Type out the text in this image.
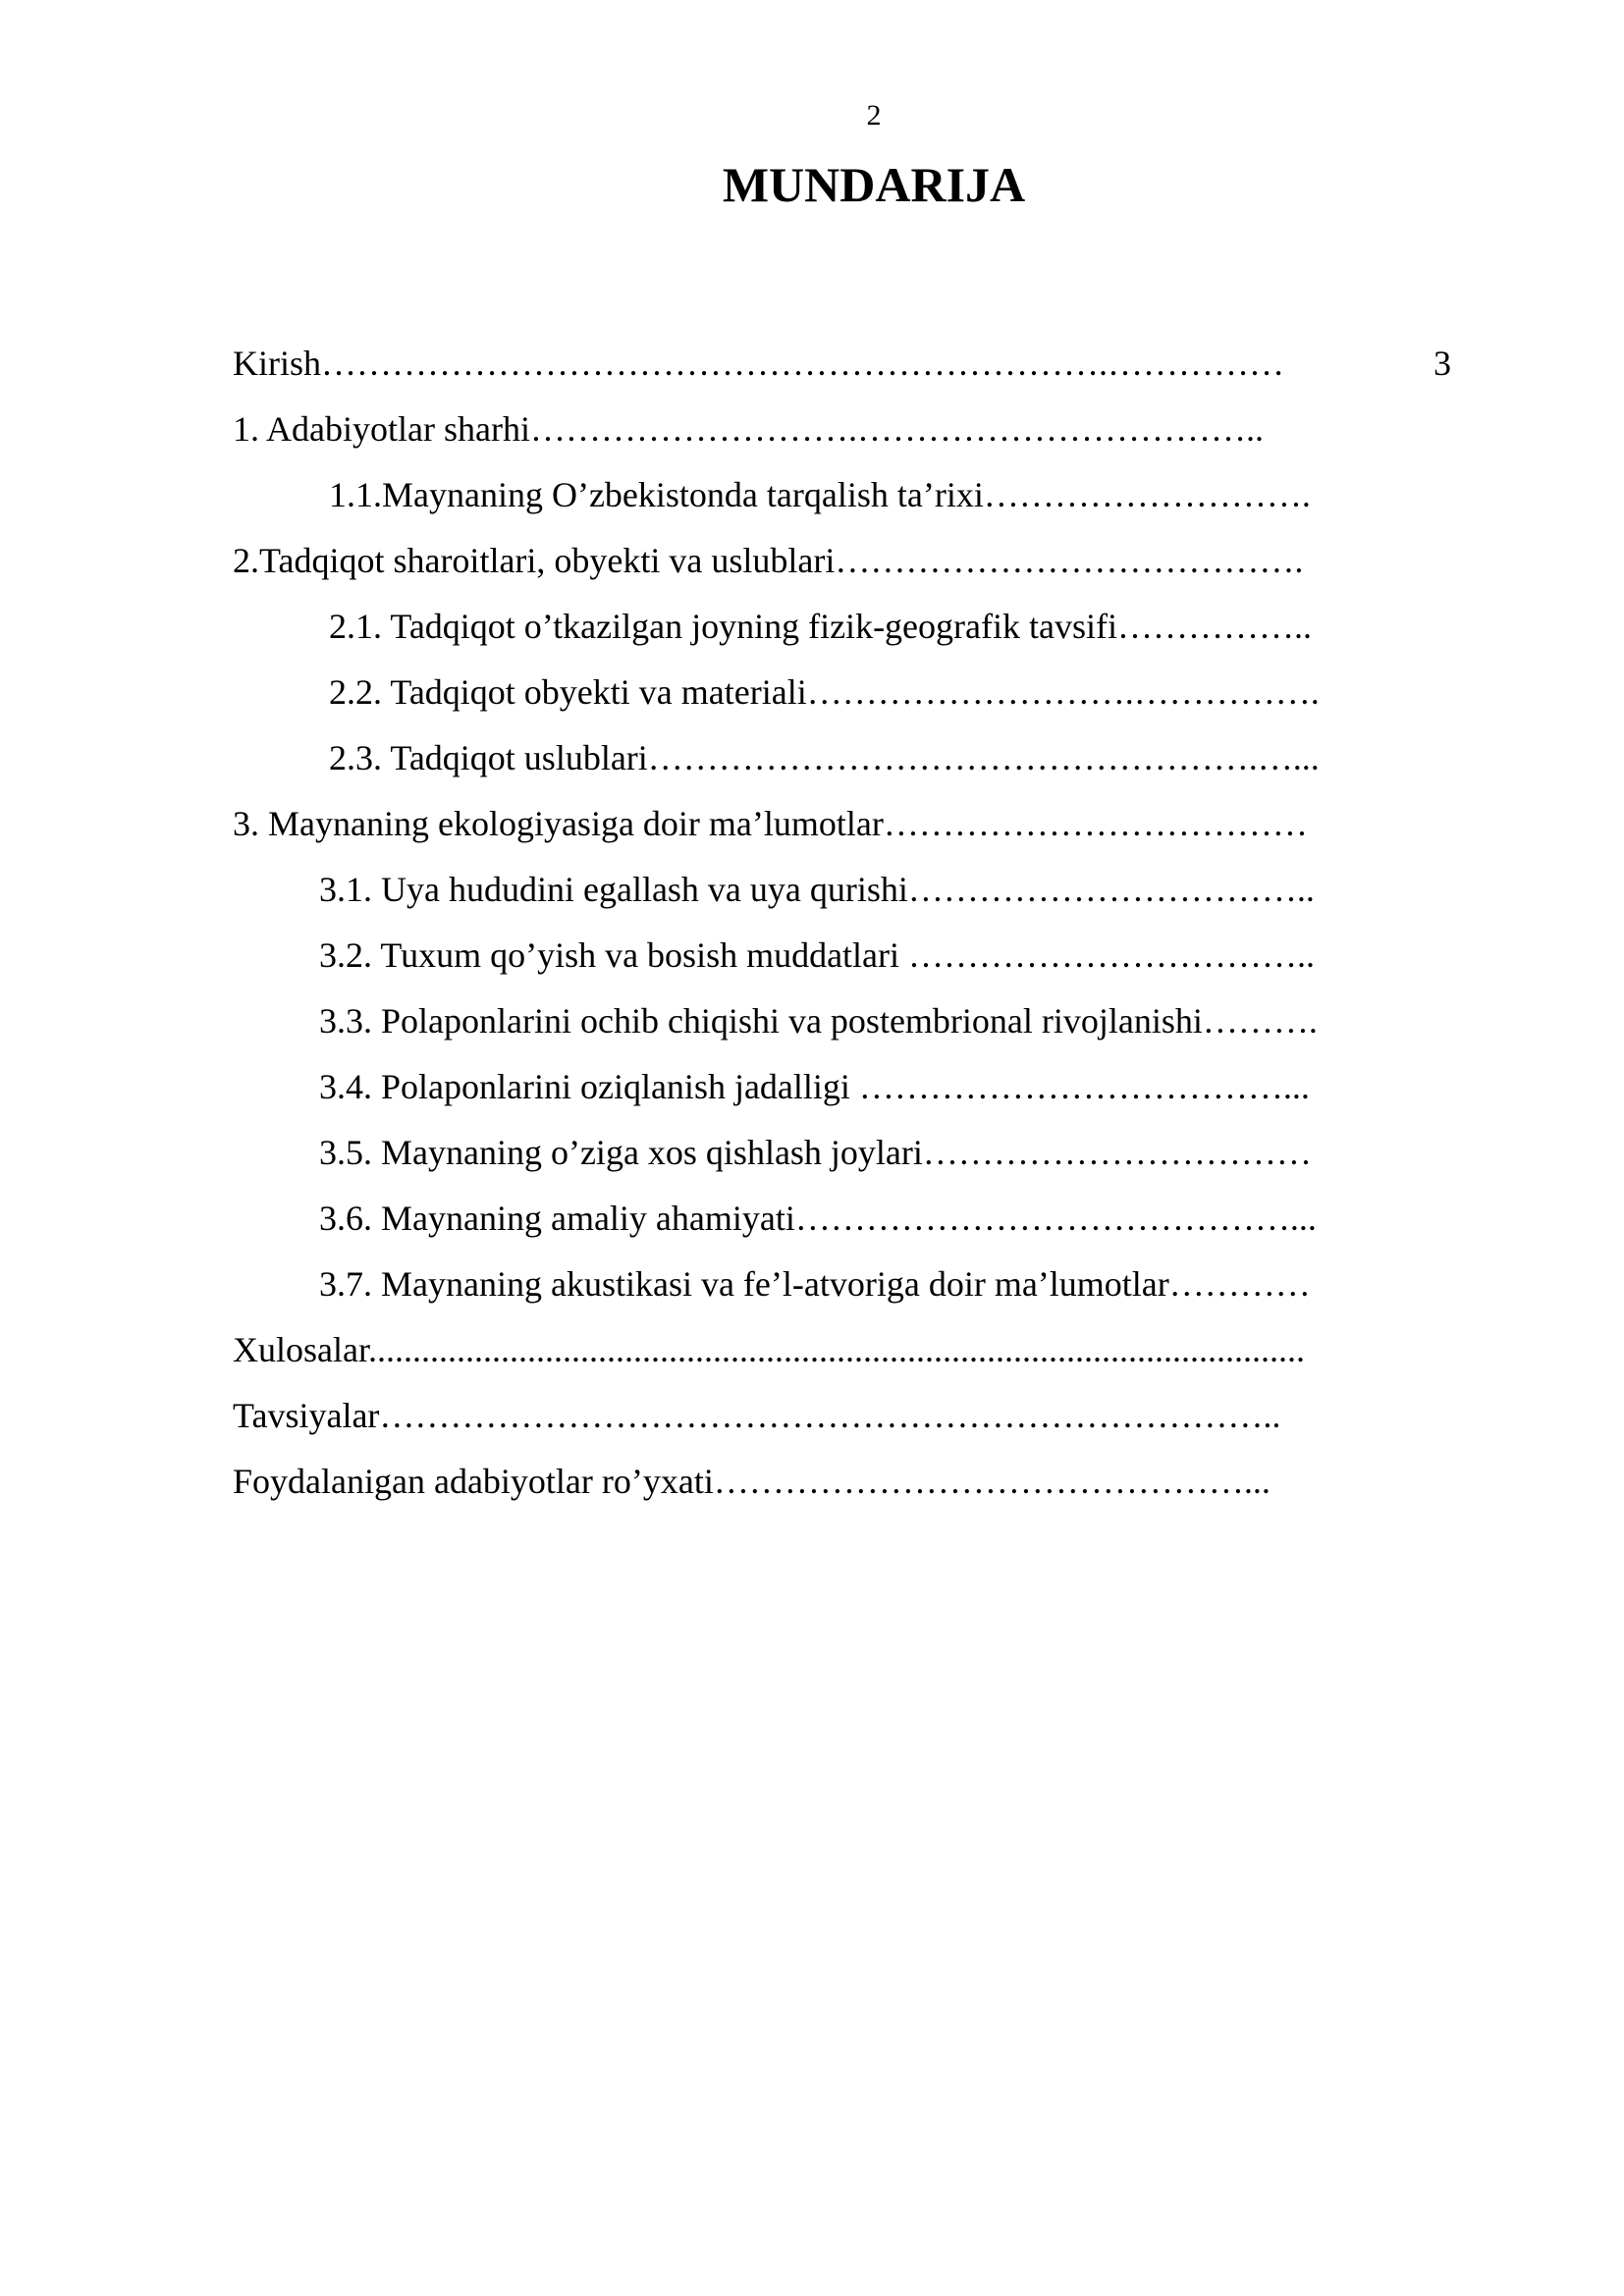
2
MUNDARIJA
Kirish………………………………………………………….……………	3
1. Adabiyotlar sharhi……………………….……………………………..
1.1.Maynaning O’zbekistonda tarqalish ta’rixi……………………….
2.Tadqiqot sharoitlari, obyekti va uslublari………………………………….
2.1. Tadqiqot o’tkazilgan joyning fizik-geografik tavsifi……………..
2.2. Tadqiqot obyekti va materiali……………………….…………….
2.3. Tadqiqot uslublari…………………………………………….…...
3. Maynaning ekologiyasiga doir ma’lumotlar………………………………
3.1. Uya hududini egallash va uya qurishi……………………………..
3.2. Tuxum qo’yish va bosish muddatlari ……………………………..
3.3. Polaponlarini ochib chiqishi va postembrional rivojlanishi……….
3.4. Polaponlarini oziqlanish jadalligi ………………………………...
3.5. Maynaning o’ziga xos qishlash joylari……………………………
3.6. Maynaning amaliy ahamiyati……………………………………...
3.7. Maynaning akustikasi va fe’l-atvoriga doir ma’lumotlar…………
Xulosalar..........................................................................................................
Tavsiyalar…………………………………………………………………..
Foydalanigan adabiyotlar ro’yxati………………………………………...
